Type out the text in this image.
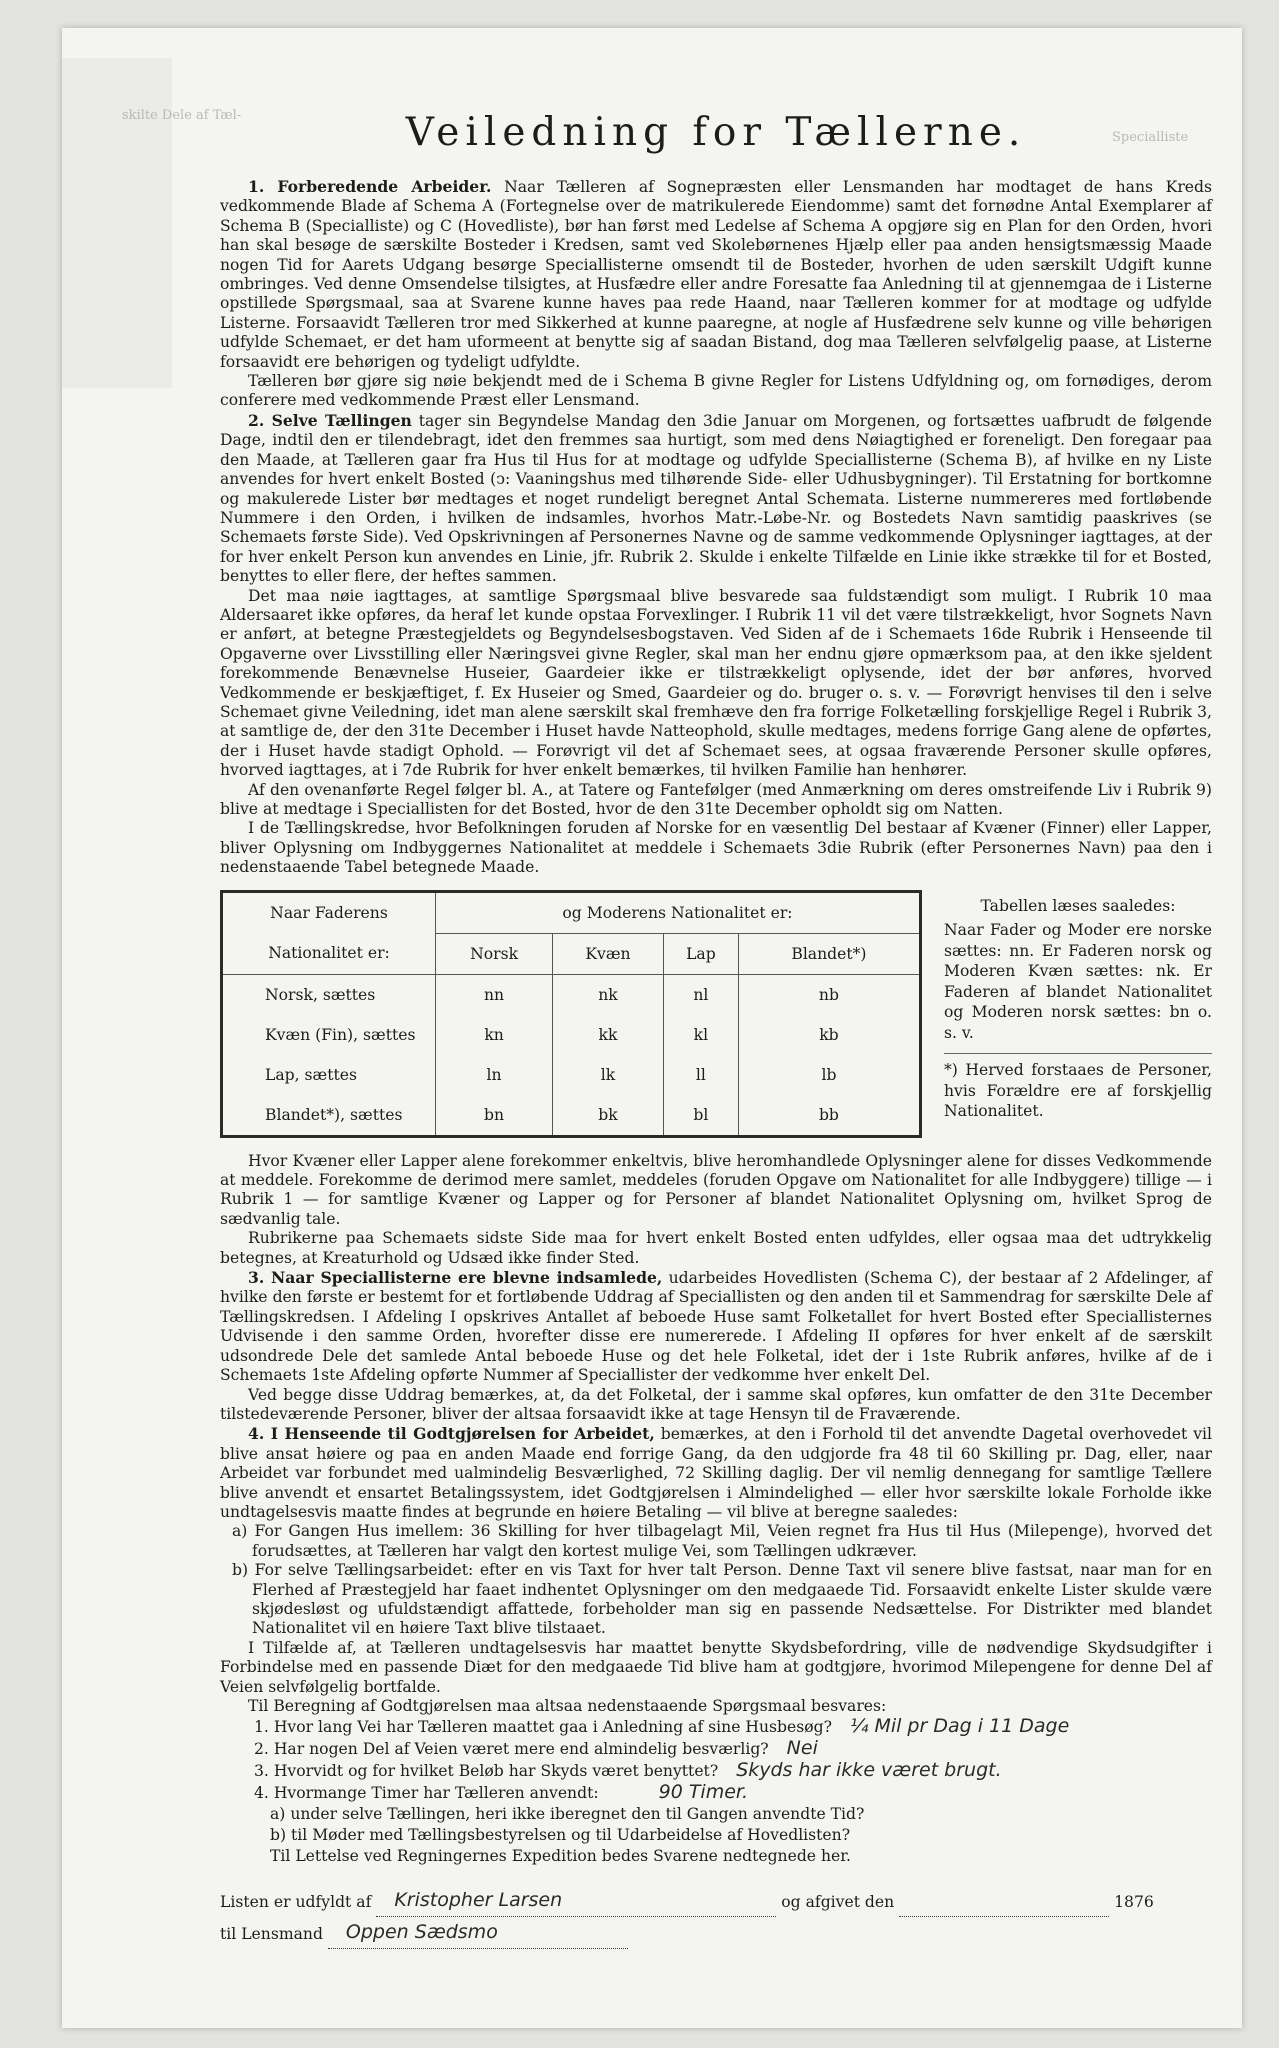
skilte Dele af Tæl-
Specialliste
Veiledning for Tællerne.

1. Forberedende Arbeider. Naar Tælleren af Sognepræsten eller Lensmanden har modtaget de hans Kreds vedkommende Blade af Schema A (Fortegnelse over de matrikulerede Eiendomme) samt det fornødne Antal Exemplarer af Schema B (Specialliste) og C (Hovedliste), bør han først med Ledelse af Schema A opgjøre sig en Plan for den Orden, hvori han skal besøge de særskilte Bosteder i Kredsen, samt ved Skolebørnenes Hjælp eller paa anden hensigtsmæssig Maade nogen Tid for Aarets Udgang besørge Speciallisterne omsendt til de Bosteder, hvorhen de uden særskilt Udgift kunne ombringes. Ved denne Omsendelse tilsigtes, at Husfædre eller andre Foresatte faa Anledning til at gjennemgaa de i Listerne opstillede Spørgsmaal, saa at Svarene kunne haves paa rede Haand, naar Tælleren kommer for at modtage og udfylde Listerne. Forsaavidt Tælleren tror med Sikkerhed at kunne paaregne, at nogle af Husfædrene selv kunne og ville behørigen udfylde Schemaet, er det ham uformeent at benytte sig af saadan Bistand, dog maa Tælleren selvfølgelig paase, at Listerne forsaavidt ere behørigen og tydeligt udfyldte.

Tælleren bør gjøre sig nøie bekjendt med de i Schema B givne Regler for Listens Udfyldning og, om fornødiges, derom conferere med vedkommende Præst eller Lensmand.

2. Selve Tællingen tager sin Begyndelse Mandag den 3die Januar om Morgenen, og fortsættes uafbrudt de følgende Dage, indtil den er tilendebragt, idet den fremmes saa hurtigt, som med dens Nøiagtighed er foreneligt. Den foregaar paa den Maade, at Tælleren gaar fra Hus til Hus for at modtage og udfylde Speciallisterne (Schema B), af hvilke en ny Liste anvendes for hvert enkelt Bosted (ↄ: Vaaningshus med tilhørende Side- eller Udhusbygninger). Til Erstatning for bortkomne og makulerede Lister bør medtages et noget rundeligt beregnet Antal Schemata. Listerne nummereres med fortløbende Nummere i den Orden, i hvilken de indsamles, hvorhos Matr.-Løbe-Nr. og Bostedets Navn samtidig paaskrives (se Schemaets første Side). Ved Opskrivningen af Personernes Navne og de samme vedkommende Oplysninger iagttages, at der for hver enkelt Person kun anvendes en Linie, jfr. Rubrik 2. Skulde i enkelte Tilfælde en Linie ikke strække til for et Bosted, benyttes to eller flere, der heftes sammen.

Det maa nøie iagttages, at samtlige Spørgsmaal blive besvarede saa fuldstændigt som muligt. I Rubrik 10 maa Aldersaaret ikke opføres, da heraf let kunde opstaa Forvexlinger. I Rubrik 11 vil det være tilstrækkeligt, hvor Sognets Navn er anført, at betegne Præstegjeldets og Begyndelsesbogstaven. Ved Siden af de i Schemaets 16de Rubrik i Henseende til Opgaverne over Livsstilling eller Næringsvei givne Regler, skal man her endnu gjøre opmærksom paa, at den ikke sjeldent forekommende Benævnelse Huseier, Gaardeier ikke er tilstrækkeligt oplysende, idet der bør anføres, hvorved Vedkommende er beskjæftiget, f. Ex Huseier og Smed, Gaardeier og do. bruger o. s. v. — Forøvrigt henvises til den i selve Schemaet givne Veiledning, idet man alene særskilt skal fremhæve den fra forrige Folketælling forskjellige Regel i Rubrik 3, at samtlige de, der den 31te December i Huset havde Natteophold, skulle medtages, medens forrige Gang alene de opførtes, der i Huset havde stadigt Ophold. — Forøvrigt vil det af Schemaet sees, at ogsaa fraværende Personer skulle opføres, hvorved iagttages, at i 7de Rubrik for hver enkelt bemærkes, til hvilken Familie han henhører.

Af den ovenanførte Regel følger bl. A., at Tatere og Fantefølger (med Anmærkning om deres omstreifende Liv i Rubrik 9) blive at medtage i Speciallisten for det Bosted, hvor de den 31te December opholdt sig om Natten.

I de Tællingskredse, hvor Befolkningen foruden af Norske for en væsentlig Del bestaar af Kvæner (Finner) eller Lapper, bliver Oplysning om Indbyggernes Nationalitet at meddele i Schemaets 3die Rubrik (efter Personernes Navn) paa den i nedenstaaende Tabel betegnede Maade.

Naar Faderens	og Moderens Nationalitet er:			
Nationalitet er:	Norsk	Kvæn	Lap	Blandet*)
Norsk, sættes	nn	nk	nl	nb
Kvæn (Fin), sættes	kn	kk	kl	kb
Lap, sættes	ln	lk	ll	lb
Blandet*), sættes	bn	bk	bl	bb

Tabellen læses saaledes:

Naar Fader og Moder ere norske sættes: nn. Er Faderen norsk og Moderen Kvæn sættes: nk. Er Faderen af blandet Nationalitet og Moderen norsk sættes: bn o. s. v.

*) Herved forstaaes de Personer, hvis Forældre ere af forskjellig Nationalitet.

Hvor Kvæner eller Lapper alene forekommer enkeltvis, blive heromhandlede Oplysninger alene for disses Vedkommende at meddele. Forekomme de derimod mere samlet, meddeles (foruden Opgave om Nationalitet for alle Indbyggere) tillige — i Rubrik 1 — for samtlige Kvæner og Lapper og for Personer af blandet Nationalitet Oplysning om, hvilket Sprog de sædvanlig tale.

Rubrikerne paa Schemaets sidste Side maa for hvert enkelt Bosted enten udfyldes, eller ogsaa maa det udtrykkelig betegnes, at Kreaturhold og Udsæd ikke finder Sted.

3. Naar Speciallisterne ere blevne indsamlede, udarbeides Hovedlisten (Schema C), der bestaar af 2 Afdelinger, af hvilke den første er bestemt for et fortløbende Uddrag af Speciallisten og den anden til et Sammendrag for særskilte Dele af Tællingskredsen. I Afdeling I opskrives Antallet af beboede Huse samt Folketallet for hvert Bosted efter Speciallisternes Udvisende i den samme Orden, hvorefter disse ere numererede. I Afdeling II opføres for hver enkelt af de særskilt udsondrede Dele det samlede Antal beboede Huse og det hele Folketal, idet der i 1ste Rubrik anføres, hvilke af de i Schemaets 1ste Afdeling opførte Nummer af Speciallister der vedkomme hver enkelt Del.

Ved begge disse Uddrag bemærkes, at, da det Folketal, der i samme skal opføres, kun omfatter de den 31te December tilstedeværende Personer, bliver der altsaa forsaavidt ikke at tage Hensyn til de Fraværende.

4. I Henseende til Godtgjørelsen for Arbeidet, bemærkes, at den i Forhold til det anvendte Dagetal overhovedet vil blive ansat høiere og paa en anden Maade end forrige Gang, da den udgjorde fra 48 til 60 Skilling pr. Dag, eller, naar Arbeidet var forbundet med ualmindelig Besværlighed, 72 Skilling daglig. Der vil nemlig dennegang for samtlige Tællere blive anvendt et ensartet Betalingssystem, idet Godtgjørelsen i Almindelighed — eller hvor særskilte lokale Forholde ikke undtagelsesvis maatte findes at begrunde en høiere Betaling — vil blive at beregne saaledes:

a) For Gangen Hus imellem: 36 Skilling for hver tilbagelagt Mil, Veien regnet fra Hus til Hus (Milepenge), hvorved det forudsættes, at Tælleren har valgt den kortest mulige Vei, som Tællingen udkræver.

b) For selve Tællingsarbeidet: efter en vis Taxt for hver talt Person. Denne Taxt vil senere blive fastsat, naar man for en Flerhed af Præstegjeld har faaet indhentet Oplysninger om den medgaaede Tid. Forsaavidt enkelte Lister skulde være skjødesløst og ufuldstændigt affattede, forbeholder man sig en passende Nedsættelse. For Distrikter med blandet Nationalitet vil en høiere Taxt blive tilstaaet.

I Tilfælde af, at Tælleren undtagelsesvis har maattet benytte Skydsbefordring, ville de nødvendige Skydsudgifter i Forbindelse med en passende Diæt for den medgaaede Tid blive ham at godtgjøre, hvorimod Milepengene for denne Del af Veien selvfølgelig bortfalde.

Til Beregning af Godtgjørelsen maa altsaa nedenstaaende Spørgsmaal besvares:

1. Hvor lang Vei har Tælleren maattet gaa i Anledning af sine Husbesøg? ¼ Mil pr Dag i 11 Dage

2. Har nogen Del af Veien været mere end almindelig besværlig? Nei

3. Hvorvidt og for hvilket Beløb har Skyds været benyttet? Skyds har ikke været brugt.

4. Hvormange Timer har Tælleren anvendt:	90 Timer.

a) under selve Tællingen, heri ikke iberegnet den til Gangen anvendte Tid?

b) til Møder med Tællingsbestyrelsen og til Udarbeidelse af Hovedlisten?

Til Lettelse ved Regningernes Expedition bedes Svarene nedtegnede her.

Listen er udfyldt af Kristopher Larsen	og afgivet den	1876
til Lensmand Oppen Sædsmo
